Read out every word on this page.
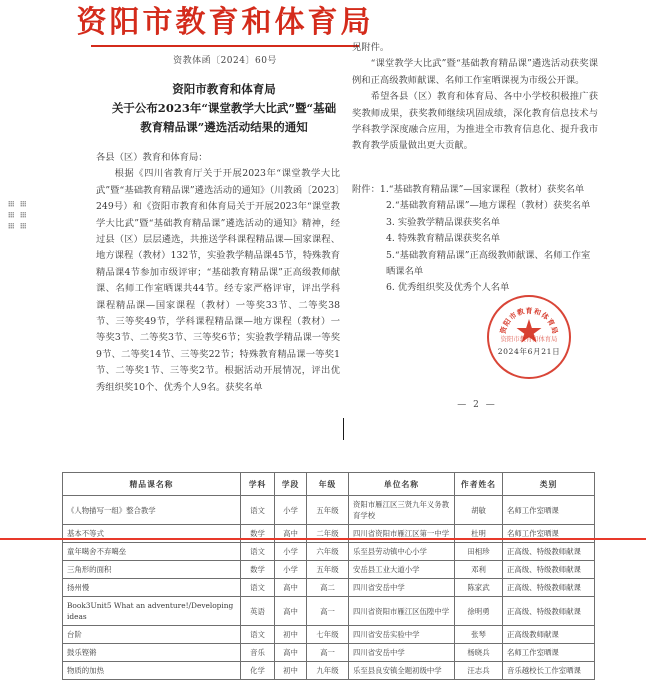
资阳市教育和体育局
资教体函〔2024〕60号
资阳市教育和体育局
关于公布2023年“课堂教学大比武”暨“基础
教育精品课”遴选活动结果的通知

各县（区）教育和体育局：

根据《四川省教育厅关于开展2023年“课堂教学大比武”暨“基础教育精品课”遴选活动的通知》（川教函〔2023〕249号）和《资阳市教育和体育局关于开展2023年“课堂教学大比武”暨“基础教育精品课”遴选活动的通知》精神，经过县（区）层层遴选，共推送学科课程精品课—国家课程、地方课程（教材）132节，实验教学精品课45节，特殊教育精品课4节参加市级评审；“基础教育精品课”正高级教师献课、名师工作室晒课共44节。经专家严格评审，评出学科课程精品课—国家课程（教材）一等奖33节、二等奖38节、三等奖49节，学科课程精品课—地方课程（教材）一等奖3节、二等奖3节、三等奖6节；实验教学精品课一等奖9节、二等奖14节、三等奖22节；特殊教育精品课一等奖1节、二等奖1节、三等奖2节。根据活动开展情况，评出优秀组织奖10个、优秀个人9名。获奖名单

见附件。

“课堂教学大比武”暨“基础教育精品课”遴选活动获奖课例和正高级教师献课、名师工作室晒课视为市级公开课。

希望各县（区）教育和体育局、各中小学校积极推广获奖教师成果，获奖教师继续巩固成绩，深化教育信息技术与学科教学深度融合应用，为推进全市教育信息化、提升我市教育教学质量做出更大贡献。

附件： 1.“基础教育精品课”—国家课程（教材）获奖名单
2.“基础教育精品课”—地方课程（教材）获奖名单
3. 实验教学精品课获奖名单
4. 特殊教育精品课获奖名单
5.“基础教育精品课”正高级教师献课、名师工作室
晒课名单
6. 优秀组织奖及优秀个人名单
资
阳
市
教 育 和
体
育
局
资阳市教育和体育局
2024年6月21日
— 2 —
精品课名称	学科	学段	年级	单位名称	作者姓名	类别
《人物描写一组》整合教学	语文	小学	五年级	资阳市雁江区三贤九年义务教育学校	胡敏	名师工作室晒课
基本不等式	数学	高中	二年级	四川省资阳市雁江区第一中学	杜明	名师工作室晒课
童年噶舍不弃噶垒	语文	小学	六年级	乐至县劳动镇中心小学	田相珍	正高级、特级教师献课
三角形的面积	数学	小学	五年级	安岳县工业大道小学	邓利	正高级、特级教师献课
扬州慢	语文	高中	高二	四川省安岳中学	陈家武	正高级、特级教师献课
Book3Unit5 What an adventure!/Developing ideas	英语	高中	高一	四川省资阳市雁江区伍隍中学	徐明勇	正高级、特级教师献课
台阶	语文	初中	七年级	四川省安岳实验中学	张琴	正高级教师献课
鼓乐铿锵	音乐	高中	高一	四川省安岳中学	杨晓兵	名师工作室晒课
物质的加热	化学	初中	九年级	乐至县良安镇全题初级中学	汪志兵	音乐越校长工作室晒课
